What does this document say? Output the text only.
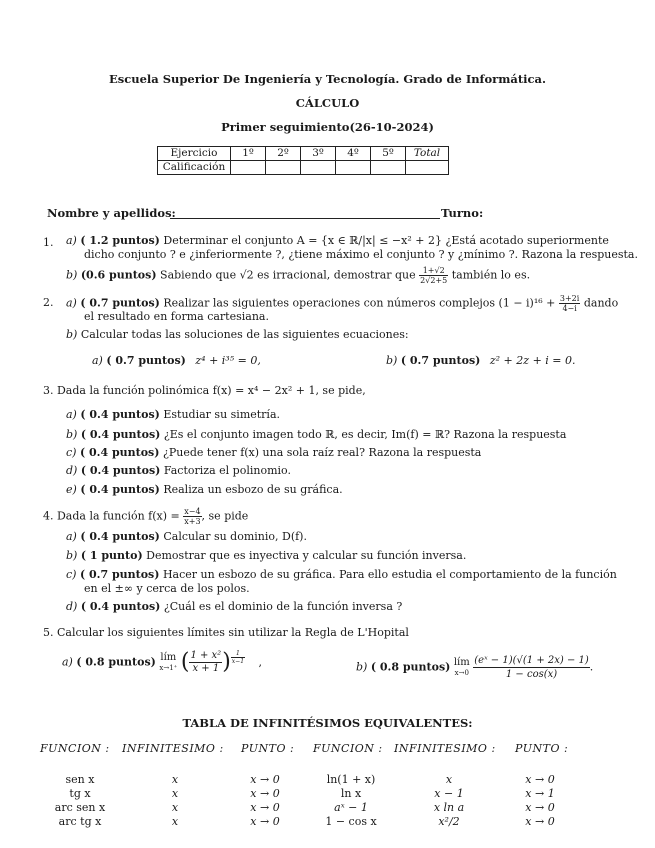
Escuela Superior De Ingeniería y Tecnología. Grado de Informática.
CÁLCULO
Primer seguimiento(26-10-2024)
Ejercicio	1º	2º	3º	4º	5º	Total
Calificación						
Nombre y apellidos:	Turno:
1. a) ( 1.2 puntos) Determinar el conjunto A = {x ∈ ℝ/|x| ≤ −x² + 2} ¿Está acotado superiormente
dicho conjunto ? e ¿inferiormente ?, ¿tiene máximo el conjunto ? y ¿mínimo ?. Razona la respuesta.
b) (0.6 puntos) Sabiendo que √2 es irracional, demostrar que $\frac{1+√2}{2√2+5}$ también lo es.
2. a) ( 0.7 puntos) Realizar las siguientes operaciones con números complejos $(1 - i)^{16} + \frac{3+2i}{4-i}$ dando
el resultado en forma cartesiana.
b) Calcular todas las soluciones de las siguientes ecuaciones:
a) ( 0.7 puntos) z⁴ + i³⁵ = 0,	b) ( 0.7 puntos) z² + 2z + i = 0.
3. Dada la función polinómica f(x) = x⁴ − 2x² + 1, se pide,
a) ( 0.4 puntos) Estudiar su simetría.
b) ( 0.4 puntos) ¿Es el conjunto imagen todo ℝ, es decir, Im(f) = ℝ? Razona la respuesta
c) ( 0.4 puntos) ¿Puede tener f(x) una sola raíz real? Razona la respuesta
d) ( 0.4 puntos) Factoriza el polinomio.
e) ( 0.4 puntos) Realiza un esbozo de su gráfica.
4. Dada la función $f(x) = \frac{x-4}{x+3}$ , se pide
a) ( 0.4 puntos) Calcular su dominio, D(f).
b) ( 1 punto) Demostrar que es inyectiva y calcular su función inversa.
c) ( 0.7 puntos) Hacer un esbozo de su gráfica. Para ello estudia el comportamiento de la función
en el ±∞ y cerca de los polos.
d) ( 0.4 puntos) ¿Cuál es el dominio de la función inversa ?
5. Calcular los siguientes límites sin utilizar la Regla de L'Hopital
a) ( 0.8 puntos) lím
x→1⁺ ( $\frac{\text{1 + x²}}{x + 1}$ ) $\frac{1}{x-1}$ ,	b) ( 0.8 puntos) lím
x→0
$\frac{\text{(eˣ − 1)(√(1 + 2x) − 1)}}{1 - \cos(x)}$ .
TABLA DE INFINITÉSIMOS EQUIVALENTES:
FUNCION : INFINITESIMO : PUNTO : FUNCION : INFINITESIMO : PUNTO :
sen x	x	x → 0	ln(1 + x)	x	x → 0
tg x	x	x → 0	ln x	x − 1	x → 1
arc sen x	x	x → 0	aˣ − 1	x ln a	x → 0
arc tg x	x	x → 0	1 − cos x	x²/2	x → 0
